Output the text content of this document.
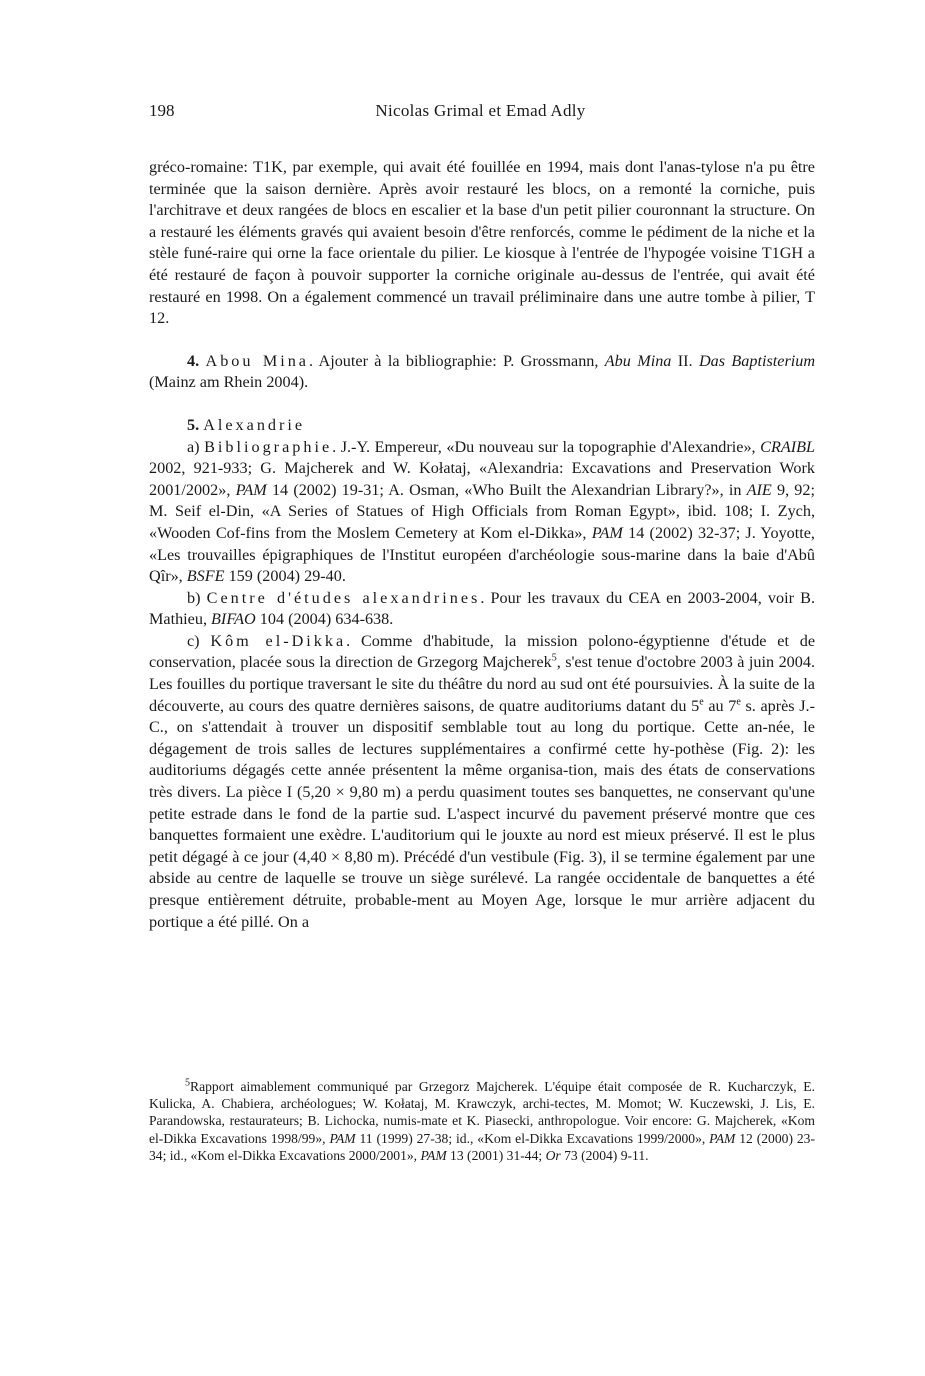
198	Nicolas Grimal et Emad Adly

gréco-romaine: T1K, par exemple, qui avait été fouillée en 1994, mais dont l'anas-tylose n'a pu être terminée que la saison dernière. Après avoir restauré les blocs, on a remonté la corniche, puis l'architrave et deux rangées de blocs en escalier et la base d'un petit pilier couronnant la structure. On a restauré les éléments gravés qui avaient besoin d'être renforcés, comme le pédiment de la niche et la stèle funé-raire qui orne la face orientale du pilier. Le kiosque à l'entrée de l'hypogée voisine T1GH a été restauré de façon à pouvoir supporter la corniche originale au-dessus de l'entrée, qui avait été restauré en 1998. On a également commencé un travail préliminaire dans une autre tombe à pilier, T 12.

4. Abou Mina. Ajouter à la bibliographie: P. Grossmann, Abu Mina II. Das Baptisterium (Mainz am Rhein 2004).

5. Alexandrie

a) Bibliographie. J.-Y. Empereur, «Du nouveau sur la topographie d'Alexandrie», CRAIBL 2002, 921-933; G. Majcherek and W. Kołataj, «Alexandria: Excavations and Preservation Work 2001/2002», PAM 14 (2002) 19-31; A. Osman, «Who Built the Alexandrian Library?», in AIE 9, 92; M. Seif el-Din, «A Series of Statues of High Officials from Roman Egypt», ibid. 108; I. Zych, «Wooden Cof-fins from the Moslem Cemetery at Kom el-Dikka», PAM 14 (2002) 32-37; J. Yoyotte, «Les trouvailles épigraphiques de l'Institut européen d'archéologie sous-marine dans la baie d'Abû Qîr», BSFE 159 (2004) 29-40.

b) Centre d'études alexandrines. Pour les travaux du CEA en 2003-2004, voir B. Mathieu, BIFAO 104 (2004) 634-638.

c) Kôm el-Dikka. Comme d'habitude, la mission polono-égyptienne d'étude et de conservation, placée sous la direction de Grzegorg Majcherek$^5$, s'est tenue d'octobre 2003 à juin 2004. Les fouilles du portique traversant le site du théâtre du nord au sud ont été poursuivies. À la suite de la découverte, au cours des quatre dernières saisons, de quatre auditoriums datant du 5e au 7e s. après J.-C., on s'attendait à trouver un dispositif semblable tout au long du portique. Cette an-née, le dégagement de trois salles de lectures supplémentaires a confirmé cette hy-pothèse (Fig. 2): les auditoriums dégagés cette année présentent la même organisa-tion, mais des états de conservations très divers. La pièce I (5,20 × 9,80 m) a perdu quasiment toutes ses banquettes, ne conservant qu'une petite estrade dans le fond de la partie sud. L'aspect incurvé du pavement préservé montre que ces banquettes formaient une exèdre. L'auditorium qui le jouxte au nord est mieux préservé. Il est le plus petit dégagé à ce jour (4,40 × 8,80 m). Précédé d'un vestibule (Fig. 3), il se termine également par une abside au centre de laquelle se trouve un siège surélevé. La rangée occidentale de banquettes a été presque entièrement détruite, probable-ment au Moyen Age, lorsque le mur arrière adjacent du portique a été pillé. On a

$^5$Rapport aimablement communiqué par Grzegorz Majcherek. L'équipe était composée de R. Kucharczyk, E. Kulicka, A. Chabiera, archéologues; W. Kołataj, M. Krawczyk, archi-tectes, M. Momot; W. Kuczewski, J. Lis, E. Parandowska, restaurateurs; B. Lichocka, numis-mate et K. Piasecki, anthropologue. Voir encore: G. Majcherek, «Kom el-Dikka Excavations 1998/99», PAM 11 (1999) 27-38; id., «Kom el-Dikka Excavations 1999/2000», PAM 12 (2000) 23-34; id., «Kom el-Dikka Excavations 2000/2001», PAM 13 (2001) 31-44; Or 73 (2004) 9-11.
